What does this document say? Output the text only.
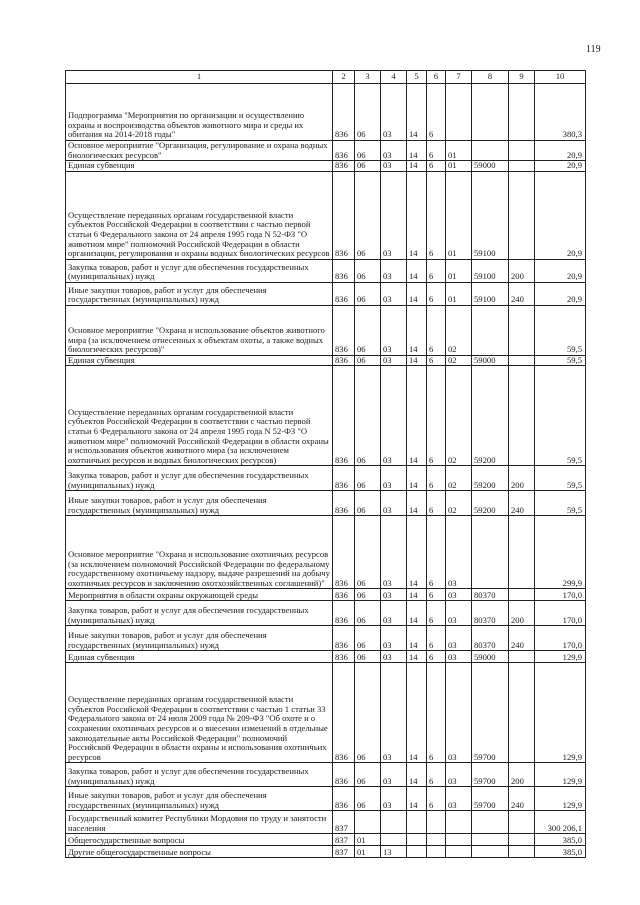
119
1	2	3	4	5	6	7	8	9	10
Подпрограмма "Мероприятия по организации и осуществлению охраны и воспроизводства объектов животного мира и среды их обитания на 2014-2018 годы"	836	06	03	14	6				380,3
Основное мероприятие "Организация, регулирование и охрана водных биологических ресурсов"	836	06	03	14	6	01			20,9
Единая субвенция	836	06	03	14	6	01	59000		20,9
Осуществление переданных органам государственной власти субъектов Российской Федерации в соответствии с частью первой статьи 6 Федерального закона от 24 апреля 1995 года N 52-ФЗ "О животном мире" полномочий Российской Федерации в области организации, регулирования и охраны водных биологических ресурсов	836	06	03	14	6	01	59100		20,9
Закупка товаров, работ и услуг для обеспечения государственных (муниципальных) нужд	836	06	03	14	6	01	59100	200	20,9
Иные закупки товаров, работ и услуг для обеспечения государственных (муниципальных) нужд	836	06	03	14	6	01	59100	240	20,9
Основное мероприятие "Охрана и использование объектов животного мира (за исключением отнесенных к объектам охоты, а также водных биологических ресурсов)"	836	06	03	14	6	02			59,5
Единая субвенция	836	06	03	14	6	02	59000		59,5
Осуществление переданных органам государственной власти субъектов Российской Федерации в соответствии с частью первой статьи 6 Федерального закона от 24 апреля 1995 года N 52-ФЗ "О животном мире" полномочий Российской Федерации в области охраны и использования объектов животного мира (за исключением охотничьих ресурсов и водных биологических ресурсов)	836	06	03	14	6	02	59200		59,5
Закупка товаров, работ и услуг для обеспечения государственных (муниципальных) нужд	836	06	03	14	6	02	59200	200	59,5
Иные закупки товаров, работ и услуг для обеспечения государственных (муниципальных) нужд	836	06	03	14	6	02	59200	240	59,5
Основное мероприятие "Охрана и использование охотничьих ресурсов (за исключением полномочий Российской Федерации по федеральному государственному охотничьему надзору, выдаче разрешений на добычу охотничьих ресурсов и заключению охотхозяйственных соглашений)"	836	06	03	14	6	03			299,9
Мероприятия в области охраны окружающей среды	836	06	03	14	6	03	80370		170,0
Закупка товаров, работ и услуг для обеспечения государственных (муниципальных) нужд	836	06	03	14	6	03	80370	200	170,0
Иные закупки товаров, работ и услуг для обеспечения государственных (муниципальных) нужд	836	06	03	14	6	03	80370	240	170,0
Единая субвенция	836	06	03	14	6	03	59000		129,9
Осуществление переданных органам государственной власти субъектов Российской Федерации в соответствии с частью 1 статьи 33 Федерального закона от 24 июля 2009 года № 209-ФЗ "Об охоте и о сохранении охотничьих ресурсов и о внесении изменений в отдельные законодательные акты Российской Федерации" полномочий Российской Федерации в области охраны и использования охотничьих ресурсов	836	06	03	14	6	03	59700		129,9
Закупка товаров, работ и услуг для обеспечения государственных (муниципальных) нужд	836	06	03	14	6	03	59700	200	129,9
Иные закупки товаров, работ и услуг для обеспечения государственных (муниципальных) нужд	836	06	03	14	6	03	59700	240	129,9
Государственный комитет Республики Мордовия по труду и занятости населения	837								300 206,1
Общегосударственные вопросы	837	01							385,0
Другие общегосударственные вопросы	837	01	13						385,0
